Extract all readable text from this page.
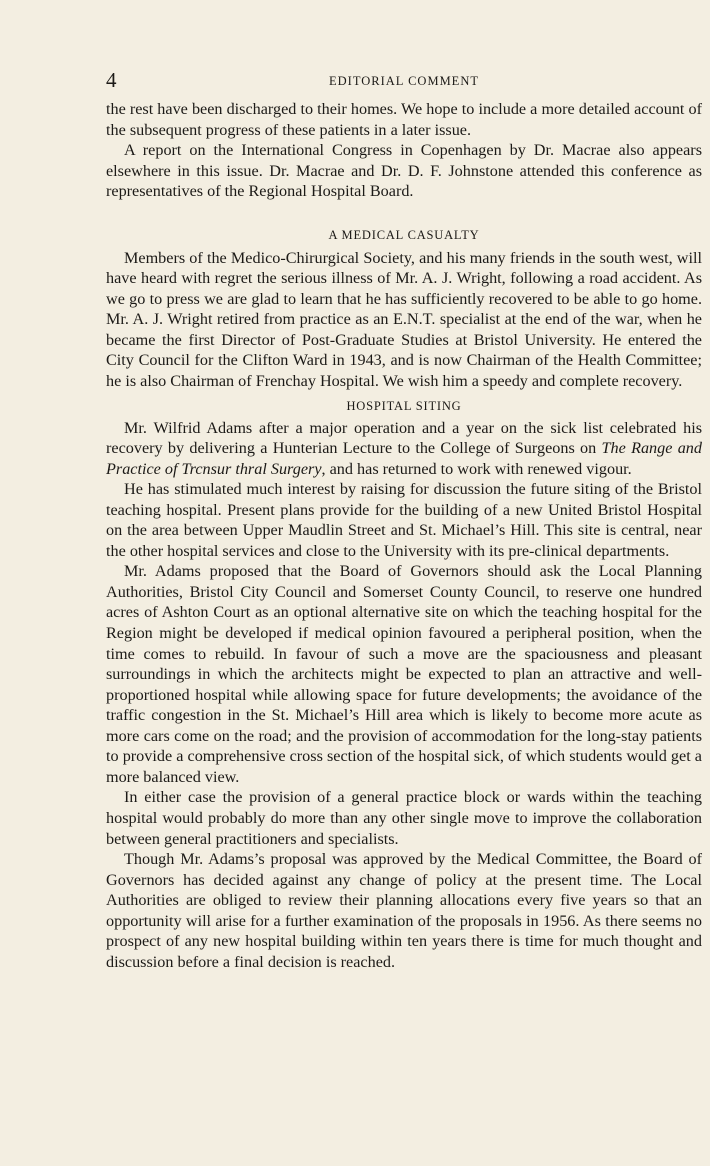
4	EDITORIAL COMMENT

the rest have been discharged to their homes. We hope to include a more detailed account of the subsequent progress of these patients in a later issue.

A report on the International Congress in Copenhagen by Dr. Macrae also appears elsewhere in this issue. Dr. Macrae and Dr. D. F. Johnstone attended this conference as representatives of the Regional Hospital Board.

A MEDICAL CASUALTY

Members of the Medico-Chirurgical Society, and his many friends in the south west, will have heard with regret the serious illness of Mr. A. J. Wright, following a road accident. As we go to press we are glad to learn that he has sufficiently recovered to be able to go home. Mr. A. J. Wright retired from practice as an E.N.T. specialist at the end of the war, when he became the first Director of Post-Graduate Studies at Bristol University. He entered the City Council for the Clifton Ward in 1943, and is now Chairman of the Health Committee; he is also Chairman of Frenchay Hospital. We wish him a speedy and complete recovery.

HOSPITAL SITING

Mr. Wilfrid Adams after a major operation and a year on the sick list celebrated his recovery by delivering a Hunterian Lecture to the College of Surgeons on The Range and Practice of Trcnsur thral Surgery, and has returned to work with renewed vigour.

He has stimulated much interest by raising for discussion the future siting of the Bristol teaching hospital. Present plans provide for the building of a new United Bristol Hospital on the area between Upper Maudlin Street and St. Michael’s Hill. This site is central, near the other hospital services and close to the University with its pre-clinical departments.

Mr. Adams proposed that the Board of Governors should ask the Local Planning Authorities, Bristol City Council and Somerset County Council, to reserve one hundred acres of Ashton Court as an optional alternative site on which the teaching hospital for the Region might be developed if medical opinion favoured a peripheral position, when the time comes to rebuild. In favour of such a move are the spaciousness and pleasant surroundings in which the architects might be expected to plan an attractive and well-proportioned hospital while allowing space for future developments; the avoidance of the traffic congestion in the St. Michael’s Hill area which is likely to become more acute as more cars come on the road; and the provision of accommodation for the long-stay patients to provide a comprehensive cross section of the hospital sick, of which students would get a more balanced view.

In either case the provision of a general practice block or wards within the teaching hospital would probably do more than any other single move to improve the collaboration between general practitioners and specialists.

Though Mr. Adams’s proposal was approved by the Medical Committee, the Board of Governors has decided against any change of policy at the present time. The Local Authorities are obliged to review their planning allocations every five years so that an opportunity will arise for a further examination of the proposals in 1956. As there seems no prospect of any new hospital building within ten years there is time for much thought and discussion before a final decision is reached.
